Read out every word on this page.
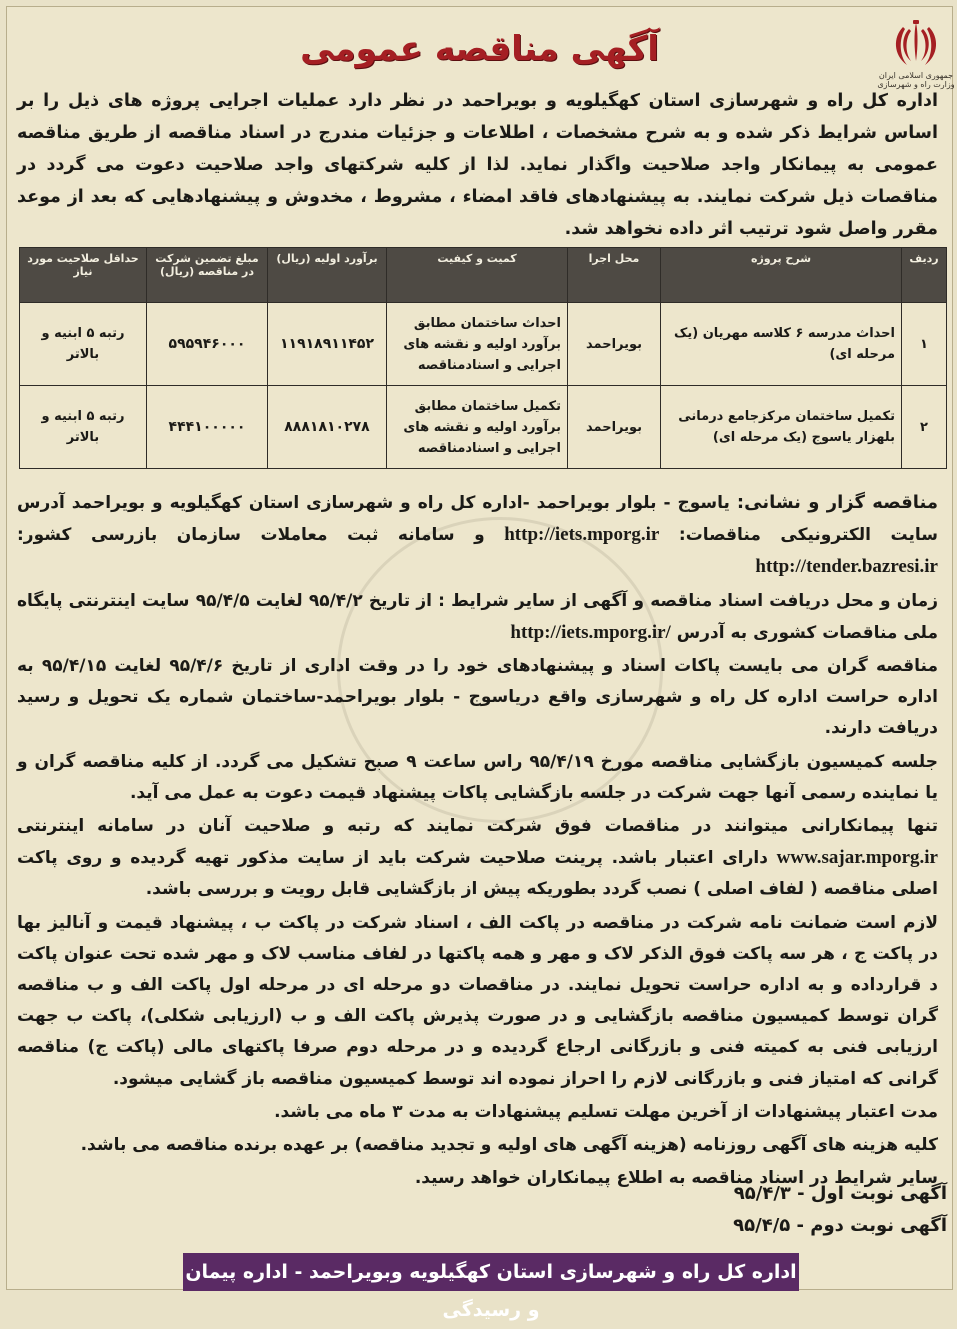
جمهوری اسلامی ایران وزارت راه و شهرسازی
آگهی مناقصه عمومی
اداره کل راه و شهرسازی استان کهگیلویه و بویراحمد در نظر دارد عملیات اجرایی پروژه های ذیل را بر اساس شرایط ذکر شده و به شرح مشخصات ، اطلاعات و جزئیات مندرج در اسناد مناقصه از طریق مناقصه عمومی به پیمانکار واجد صلاحیت واگذار نماید. لذا از کلیه شرکتهای واجد صلاحیت دعوت می گردد در مناقصات ذیل شرکت نمایند. به پیشنهادهای فاقد امضاء ، مشروط ، مخدوش و پیشنهادهایی که بعد از موعد مقرر واصل شود ترتیب اثر داده نخواهد شد.
ردیف	شرح پروژه	محل اجرا	کمیت و کیفیت	برآورد اولیه (ریال)	مبلغ تضمین شرکت در مناقصه (ریال)	حداقل صلاحیت مورد نیاز
۱	احداث مدرسه ۶ کلاسه مهریان (یک مرحله ای)	بویراحمد	احداث ساختمان مطابق برآورد اولیه و نقشه های اجرایی و اسنادمناقصه	۱۱۹۱۸۹۱۱۴۵۲	۵۹۵۹۴۶۰۰۰	رتبه ۵ ابنیه و بالاتر
۲	تکمیل ساختمان مرکزجامع درمانی بلهزار یاسوج (یک مرحله ای)	بویراحمد	تکمیل ساختمان مطابق برآورد اولیه و نقشه های اجرایی و اسنادمناقصه	۸۸۸۱۸۱۰۲۷۸	۴۴۴۱۰۰۰۰۰	رتبه ۵ ابنیه و بالاتر

مناقصه گزار و نشانی: یاسوج - بلوار بویراحمد -اداره کل راه و شهرسازی استان کهگیلویه و بویراحمد آدرس سایت الکترونیکی مناقصات: http://iets.mporg.ir و سامانه ثبت معاملات سازمان بازرسی کشور: http://tender.bazresi.ir

زمان و محل دریافت اسناد مناقصه و آگهی از سایر شرایط : از تاریخ ۹۵/۴/۲ لغایت ۹۵/۴/۵ سایت اینترنتی پایگاه ملی مناقصات کشوری به آدرس http://iets.mporg.ir/

مناقصه گران می بایست پاکات اسناد و پیشنهادهای خود را در وقت اداری از تاریخ ۹۵/۴/۶ لغایت ۹۵/۴/۱۵ به اداره حراست اداره کل راه و شهرسازی واقع دریاسوج - بلوار بویراحمد-ساختمان شماره یک تحویل و رسید دریافت دارند.

جلسه کمیسیون بازگشایی مناقصه مورخ ۹۵/۴/۱۹ راس ساعت ۹ صبح تشکیل می گردد. از کلیه مناقصه گران و یا نماینده رسمی آنها جهت شرکت در جلسه بازگشایی پاکات پیشنهاد قیمت دعوت به عمل می آید.

تنها پیمانکارانی میتوانند در مناقصات فوق شرکت نمایند که رتبه و صلاحیت آنان در سامانه اینترنتی www.sajar.mporg.ir دارای اعتبار باشد. پرینت صلاحیت شرکت باید از سایت مذکور تهیه گردیده و روی پاکت اصلی مناقصه ( لفاف اصلی ) نصب گردد بطوریکه پیش از بازگشایی قابل رویت و بررسی باشد.

لازم است ضمانت نامه شرکت در مناقصه در پاکت الف ، اسناد شرکت در پاکت ب ، پیشنهاد قیمت و آنالیز بها در پاکت ج ، هر سه پاکت فوق الذکر لاک و مهر و همه پاکتها در لفاف مناسب لاک و مهر شده تحت عنوان پاکت د قرارداده و به اداره حراست تحویل نمایند. در مناقصات دو مرحله ای در مرحله اول پاکت الف و ب مناقصه گران توسط کمیسیون مناقصه بازگشایی و در صورت پذیرش پاکت الف و ب (ارزیابی شکلی)، پاکت ب جهت ارزیابی فنی به کمیته فنی و بازرگانی ارجاع گردیده و در مرحله دوم صرفا پاکتهای مالی (پاکت ج) مناقصه گرانی که امتیاز فنی و بازرگانی لازم را احراز نموده اند توسط کمیسیون مناقصه باز گشایی میشود.

مدت اعتبار پیشنهادات از آخرین مهلت تسلیم پیشنهادات به مدت ۳ ماه می باشد.

کلیه هزینه های آگهی روزنامه (هزینه آگهی های اولیه و تجدید مناقصه) بر عهده برنده مناقصه می باشد.

سایر شرایط در اسناد مناقصه به اطلاع پیمانکاران خواهد رسید.

آگهی نوبت اول - ۹۵/۴/۳
آگهی نوبت دوم - ۹۵/۴/۵
اداره کل راه و شهرسازی استان کهگیلویه وبویراحمد - اداره پیمان و رسیدگی
